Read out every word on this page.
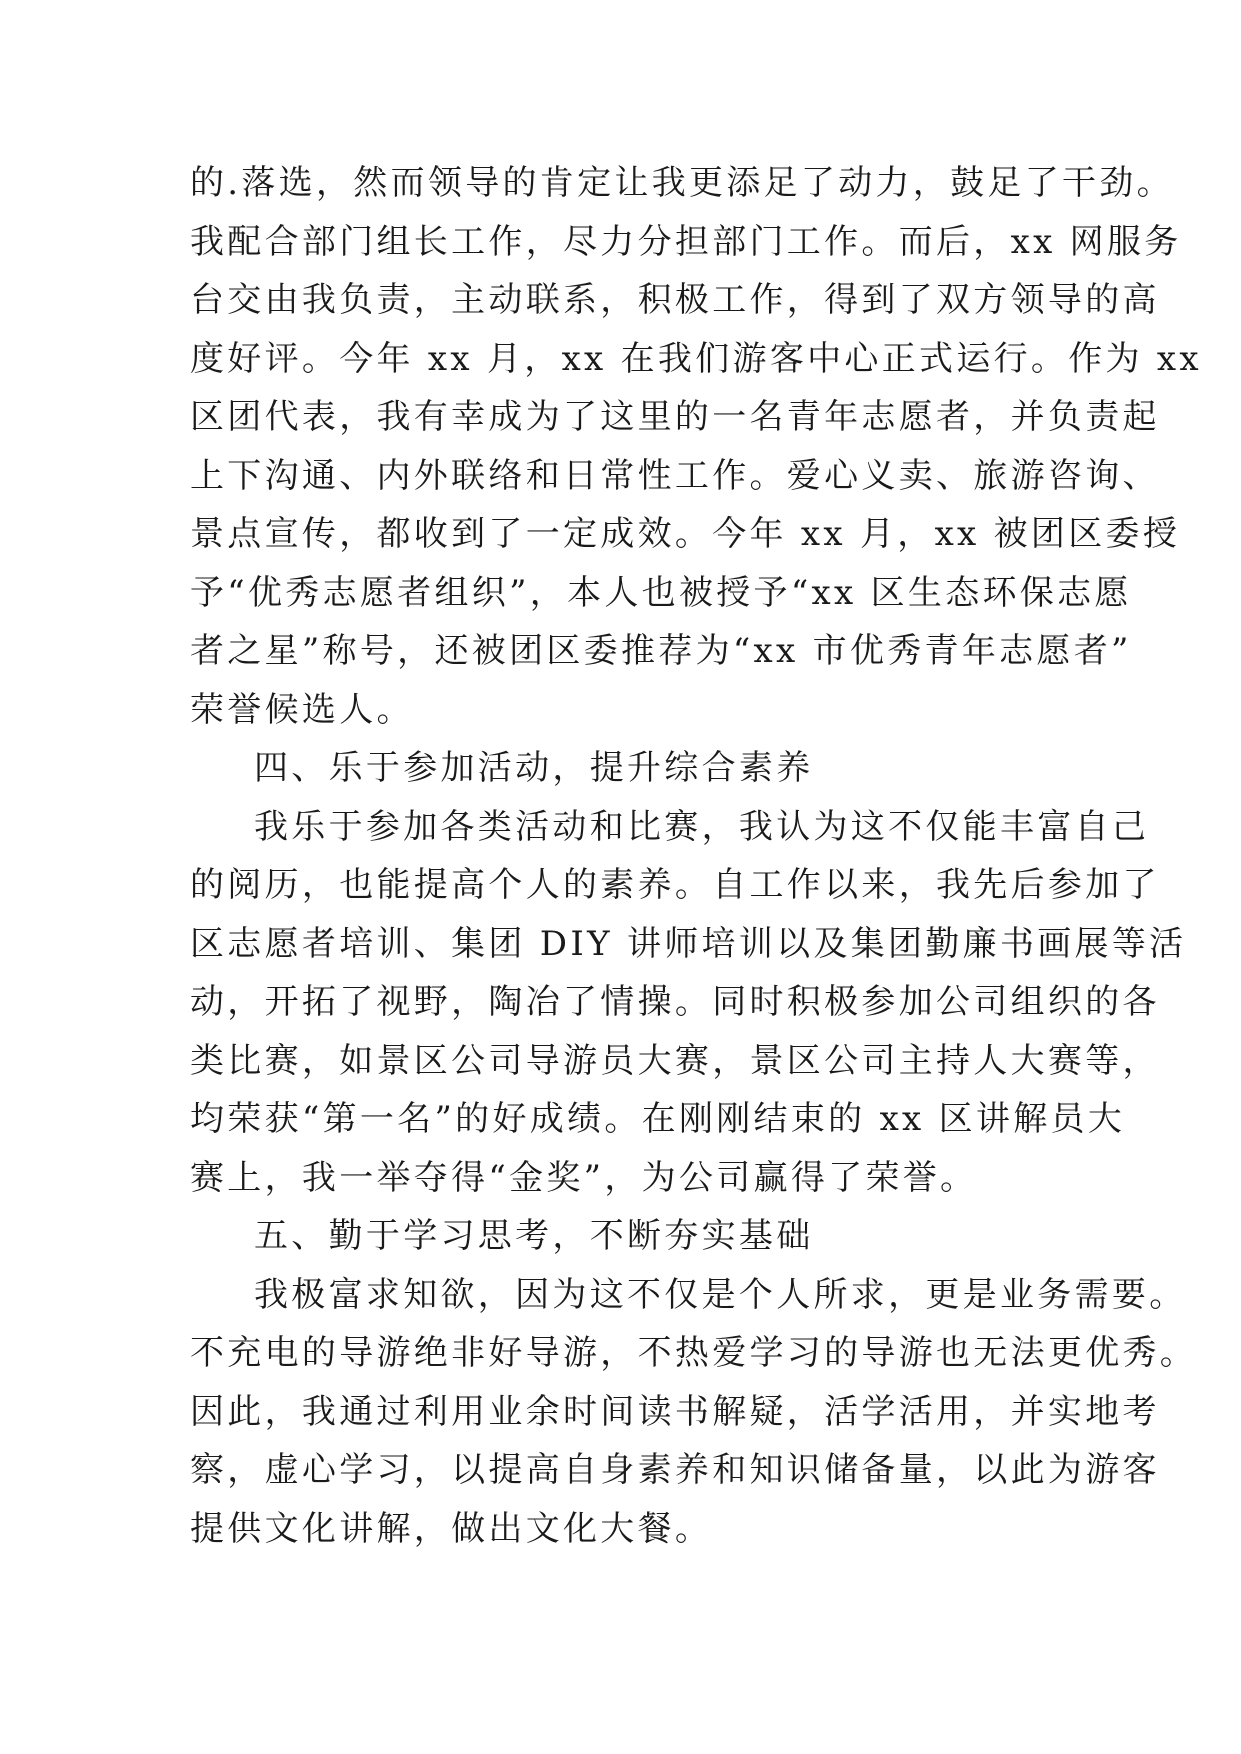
的.落选，然而领导的肯定让我更添足了动力，鼓足了干劲。
我配合部门组长工作，尽力分担部门工作。而后，xx 网服务
台交由我负责，主动联系，积极工作，得到了双方领导的高
度好评。今年 xx 月，xx 在我们游客中心正式运行。作为 xx
区团代表，我有幸成为了这里的一名青年志愿者，并负责起
上下沟通、内外联络和日常性工作。爱心义卖、旅游咨询、
景点宣传，都收到了一定成效。今年 xx 月，xx 被团区委授
予“优秀志愿者组织”，本人也被授予“xx 区生态环保志愿
者之星”称号，还被团区委推荐为“xx 市优秀青年志愿者”
荣誉候选人。
四、乐于参加活动，提升综合素养
我乐于参加各类活动和比赛，我认为这不仅能丰富自己
的阅历，也能提高个人的素养。自工作以来，我先后参加了
区志愿者培训、集团 DIY 讲师培训以及集团勤廉书画展等活
动，开拓了视野，陶冶了情操。同时积极参加公司组织的各
类比赛，如景区公司导游员大赛，景区公司主持人大赛等，
均荣获“第一名”的好成绩。在刚刚结束的 xx 区讲解员大
赛上，我一举夺得“金奖”，为公司赢得了荣誉。
五、勤于学习思考，不断夯实基础
我极富求知欲，因为这不仅是个人所求，更是业务需要。
不充电的导游绝非好导游，不热爱学习的导游也无法更优秀。
因此，我通过利用业余时间读书解疑，活学活用，并实地考
察，虚心学习，以提高自身素养和知识储备量，以此为游客
提供文化讲解，做出文化大餐。
